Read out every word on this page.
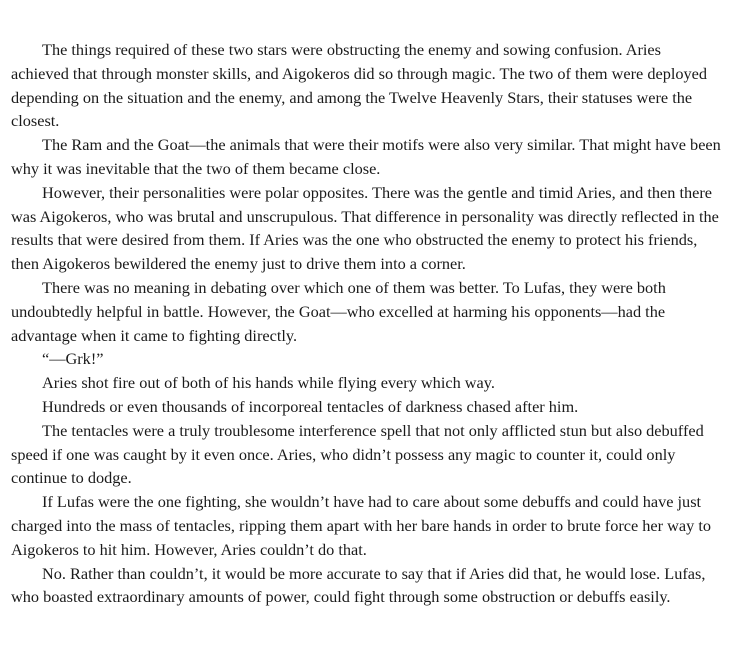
The things required of these two stars were obstructing the enemy and sowing confusion. Aries achieved that through monster skills, and Aigokeros did so through magic. The two of them were deployed depending on the situation and the enemy, and among the Twelve Heavenly Stars, their statuses were the closest.

The Ram and the Goat—the animals that were their motifs were also very similar. That might have been why it was inevitable that the two of them became close.

However, their personalities were polar opposites. There was the gentle and timid Aries, and then there was Aigokeros, who was brutal and unscrupulous. That difference in personality was directly reflected in the results that were desired from them. If Aries was the one who obstructed the enemy to protect his friends, then Aigokeros bewildered the enemy just to drive them into a corner.

There was no meaning in debating over which one of them was better. To Lufas, they were both undoubtedly helpful in battle. However, the Goat—who excelled at harming his opponents—had the advantage when it came to fighting directly.

“—Grk!”

Aries shot fire out of both of his hands while flying every which way.

Hundreds or even thousands of incorporeal tentacles of darkness chased after him.

The tentacles were a truly troublesome interference spell that not only afflicted stun but also debuffed speed if one was caught by it even once. Aries, who didn’t possess any magic to counter it, could only continue to dodge.

If Lufas were the one fighting, she wouldn’t have had to care about some debuffs and could have just charged into the mass of tentacles, ripping them apart with her bare hands in order to brute force her way to Aigokeros to hit him. However, Aries couldn’t do that.

No. Rather than couldn’t, it would be more accurate to say that if Aries did that, he would lose. Lufas, who boasted extraordinary amounts of power, could fight through some obstruction or debuffs easily.
